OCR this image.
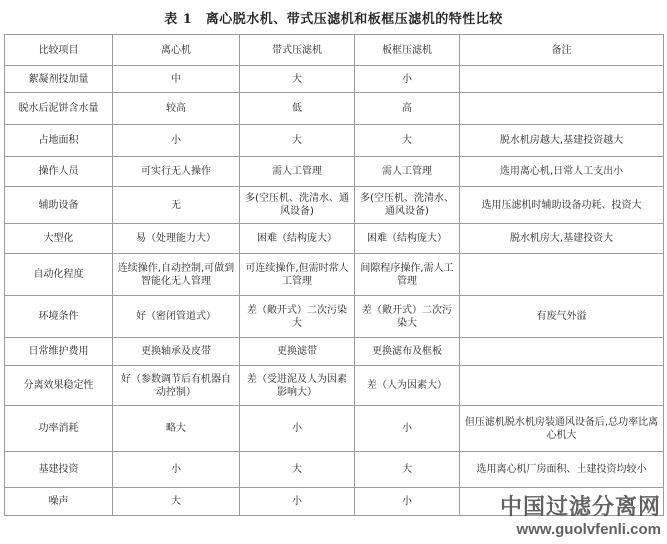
表 1　离心脱水机、带式压滤机和板框压滤机的特性比较
比较项目	离心机	带式压滤机	板框压滤机	备注
絮凝剂投加量	中	大	小	
脱水后泥饼含水量	较高	低	高	
占地面积	小	大	大	脱水机房越大,基建投资越大
操作人员	可实行无人操作	需人工管理	需人工管理	选用离心机,日常人工支出小
辅助设备	无	多(空压机、洗清水、通风设备)	多(空压机、洗清水、通风设备)	选用压滤机时辅助设备功耗、投资大
大型化	易（处理能力大）	困难（结构庞大）	困难（结构庞大）	脱水机房大,基建投资大
自动化程度	连续操作,自动控制,可做到智能化无人管理	可连续操作,但需时常人工管理	间隙程序操作,需人工管理	
环境条件	好（密闭管道式）	差（敞开式）二次污染大	差（敞开式）二次污染大	有废气外溢
日常维护费用	更换轴承及皮带	更换滤带	更换滤布及框板	
分离效果稳定性	好（参数调节后有机器自动控制）	差（受进泥及人为因素影响大）	差（人为因素大）	
功率消耗	略大	小	小	但压滤机脱水机房装通风设备后,总功率比离心机大
基建投资	小	大	大	选用离心机厂房面积、土建投资均较小
噪声	大	小	小		中国过滤分离网
www.guolvfenli.com
